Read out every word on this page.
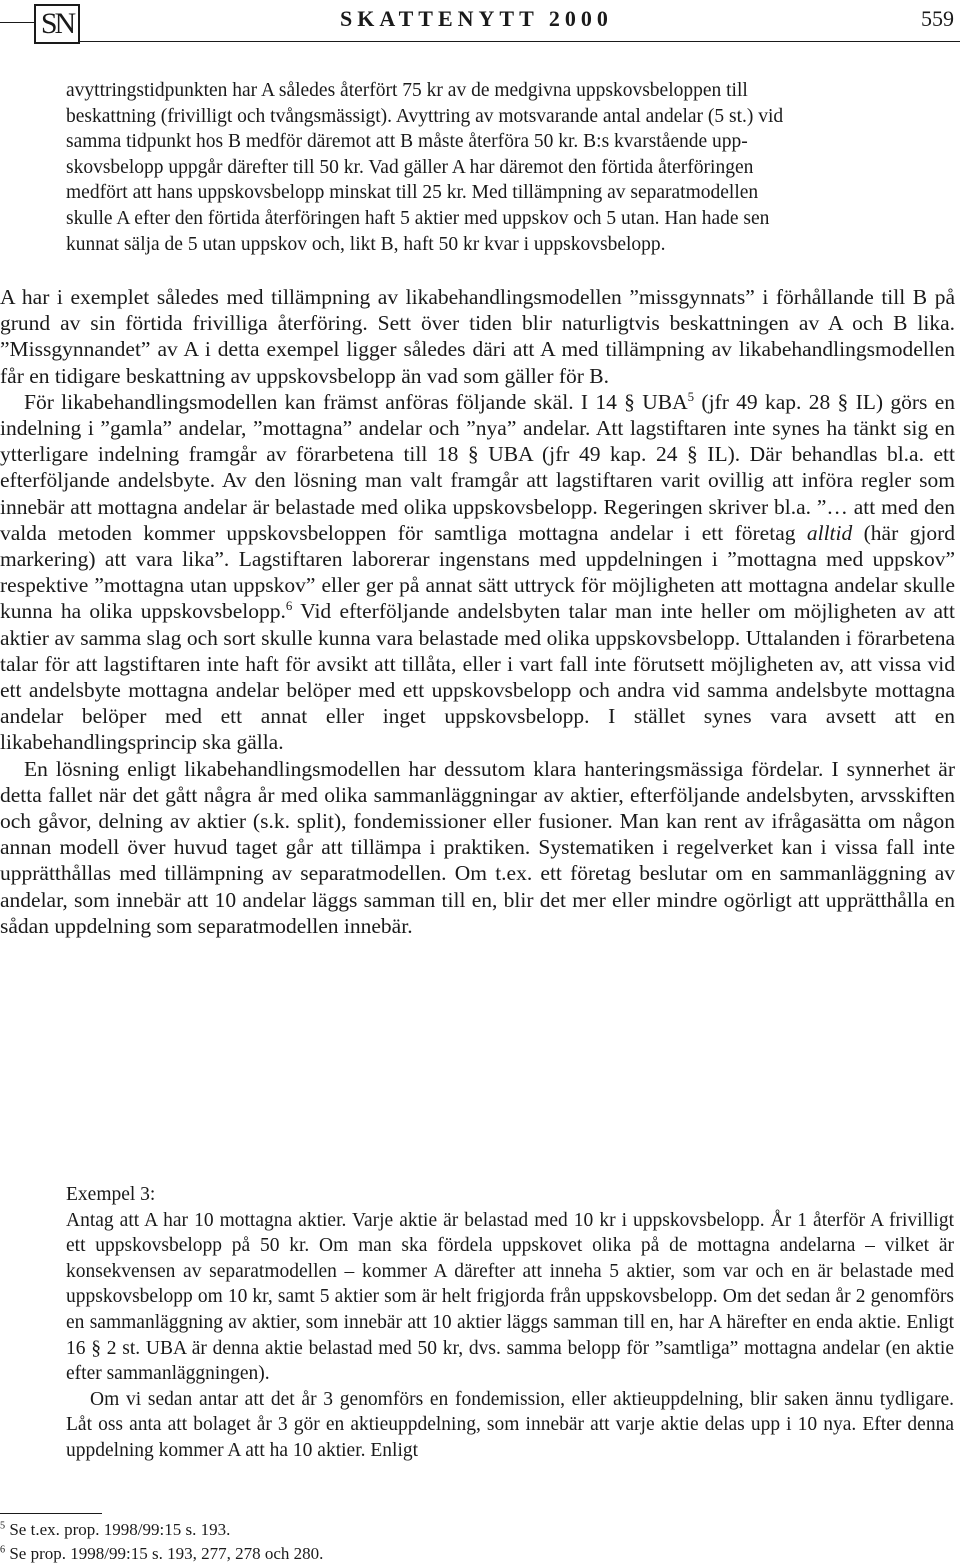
SN	SKATTENYTT 2000	559
avyttringstidpunkten har A således återfört 75 kr av de medgivna uppskovsbeloppen till
beskattning (frivilligt och tvångsmässigt). Avyttring av motsvarande antal andelar (5 st.) vid
samma tidpunkt hos B medför däremot att B måste återföra 50 kr. B:s kvarstående upp-
skovsbelopp uppgår därefter till 50 kr. Vad gäller A har däremot den förtida återföringen
medfört att hans uppskovsbelopp minskat till 25 kr. Med tillämpning av separatmodellen
skulle A efter den förtida återföringen haft 5 aktier med uppskov och 5 utan. Han hade sen
kunnat sälja de 5 utan uppskov och, likt B, haft 50 kr kvar i uppskovsbelopp.

A har i exemplet således med tillämpning av likabehandlingsmodellen ”missgynnats” i förhållande till B på grund av sin förtida frivilliga återföring. Sett över tiden blir naturligtvis beskattningen av A och B lika. ”Missgynnandet” av A i detta exempel ligger således däri att A med tillämpning av likabehandlingsmodellen får en tidigare beskattning av uppskovsbelopp än vad som gäller för B.

För likabehandlingsmodellen kan främst anföras följande skäl. I 14 § UBA$^5$ (jfr 49 kap. 28 § IL) görs en indelning i ”gamla” andelar, ”mottagna” andelar och ”nya” andelar. Att lagstiftaren inte synes ha tänkt sig en ytterligare indelning framgår av förarbetena till 18 § UBA (jfr 49 kap. 24 § IL). Där behandlas bl.a. ett efterföljande andelsbyte. Av den lösning man valt framgår att lagstiftaren varit ovillig att införa regler som innebär att mottagna andelar är belastade med olika uppskovsbelopp. Regeringen skriver bl.a. ”… att med den valda metoden kommer uppskovsbeloppen för samtliga mottagna andelar i ett företag alltid (här gjord markering) att vara lika”. Lagstiftaren laborerar ingenstans med uppdelningen i ”mottagna med uppskov” respektive ”mottagna utan uppskov” eller ger på annat sätt uttryck för möjligheten att mottagna andelar skulle kunna ha olika uppskovsbelopp.$^6$ Vid efterföljande andelsbyten talar man inte heller om möjligheten av att aktier av samma slag och sort skulle kunna vara belastade med olika uppskovsbelopp. Uttalanden i förarbetena talar för att lagstiftaren inte haft för avsikt att tillåta, eller i vart fall inte förutsett möjligheten av, att vissa vid ett andelsbyte mottagna andelar belöper med ett uppskovsbelopp och andra vid samma andelsbyte mottagna andelar belöper med ett annat eller inget uppskovsbelopp. I stället synes vara avsett att en likabehandlingsprincip ska gälla.

En lösning enligt likabehandlingsmodellen har dessutom klara hanteringsmässiga fördelar. I synnerhet är detta fallet när det gått några år med olika sammanläggningar av aktier, efterföljande andelsbyten, arvsskiften och gåvor, delning av aktier (s.k. split), fondemissioner eller fusioner. Man kan rent av ifrågasätta om någon annan modell över huvud taget går att tillämpa i praktiken. Systematiken i regelverket kan i vissa fall inte upprätthållas med tillämpning av separatmodellen. Om t.ex. ett företag beslutar om en sammanläggning av andelar, som innebär att 10 andelar läggs samman till en, blir det mer eller mindre ogörligt att upprätthålla en sådan uppdelning som separatmodellen innebär.

Exempel 3:

Antag att A har 10 mottagna aktier. Varje aktie är belastad med 10 kr i uppskovsbelopp. År 1 återför A frivilligt ett uppskovsbelopp på 50 kr. Om man ska fördela uppskovet olika på de mottagna andelarna – vilket är konsekvensen av separatmodellen – kommer A därefter att inneha 5 aktier, som var och en är belastade med uppskovsbelopp om 10 kr, samt 5 aktier som är helt frigjorda från uppskovsbelopp. Om det sedan år 2 genomförs en sammanläggning av aktier, som innebär att 10 aktier läggs samman till en, har A härefter en enda aktie. Enligt 16 § 2 st. UBA är denna aktie belastad med 50 kr, dvs. samma belopp för ”samtliga” mottagna andelar (en aktie efter sammanläggningen).

Om vi sedan antar att det år 3 genomförs en fondemission, eller aktieuppdelning, blir saken ännu tydligare. Låt oss anta att bolaget år 3 gör en aktieuppdelning, som innebär att varje aktie delas upp i 10 nya. Efter denna uppdelning kommer A att ha 10 aktier. Enligt

$^5$ Se t.ex. prop. 1998/99:15 s. 193.
$^6$ Se prop. 1998/99:15 s. 193, 277, 278 och 280.
